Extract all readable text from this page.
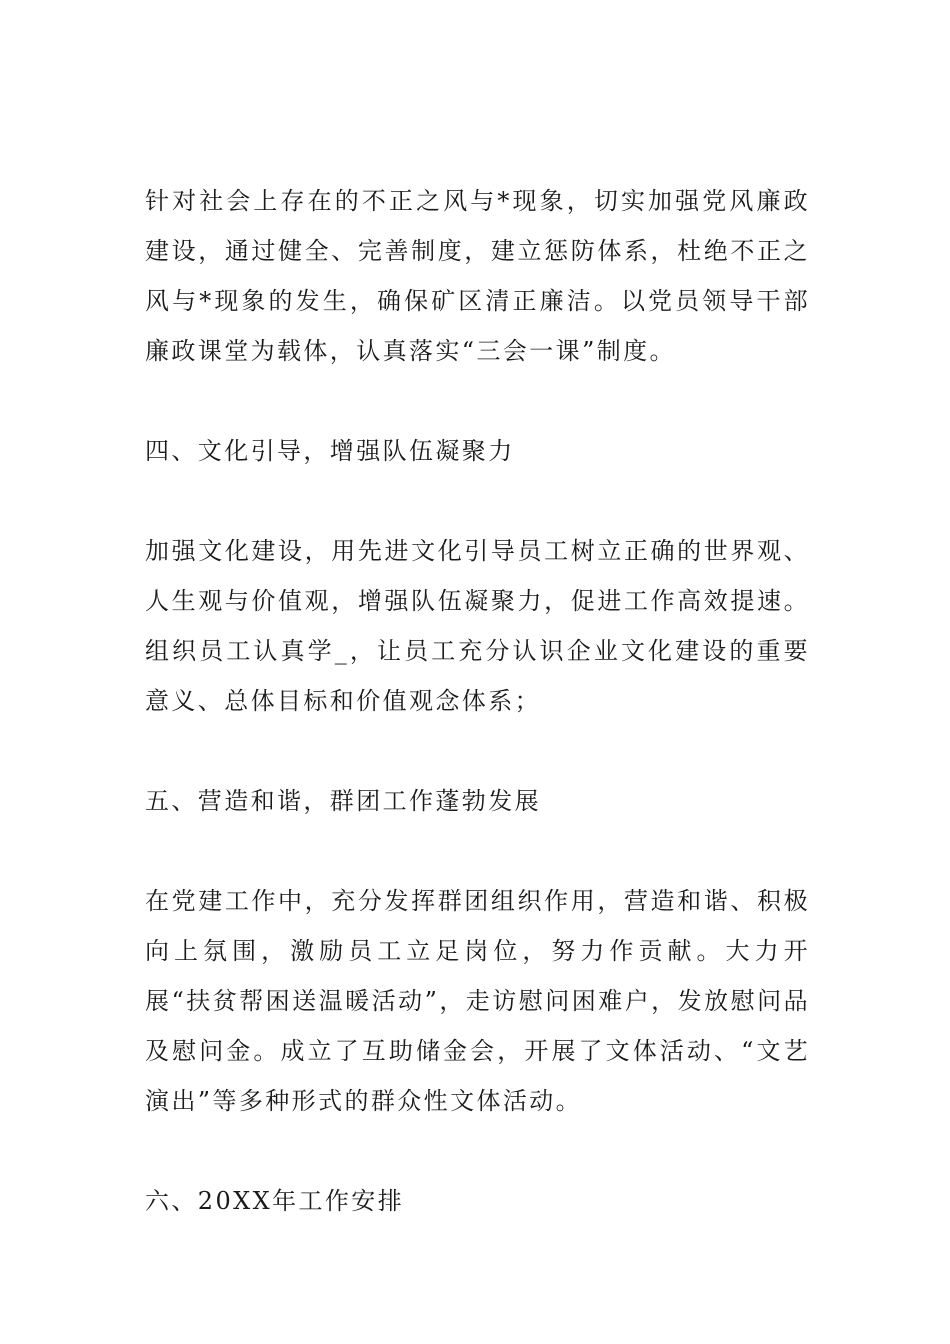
针对社会上存在的不正之风与*现象，切实加强党风廉政建设，通过健全、完善制度，建立惩防体系，杜绝不正之风与*现象的发生，确保矿区清正廉洁。以党员领导干部廉政课堂为载体，认真落实“三会一课”制度。

四、文化引导，增强队伍凝聚力

加强文化建设，用先进文化引导员工树立正确的世界观、人生观与价值观，增强队伍凝聚力，促进工作高效提速。组织员工认真学_，让员工充分认识企业文化建设的重要意义、总体目标和价值观念体系；

五、营造和谐，群团工作蓬勃发展

在党建工作中，充分发挥群团组织作用，营造和谐、积极向上氛围，激励员工立足岗位，努力作贡献。大力开展“扶贫帮困送温暖活动”，走访慰问困难户，发放慰问品及慰问金。成立了互助储金会，开展了文体活动、“文艺演出”等多种形式的群众性文体活动。

六、20XX年工作安排
